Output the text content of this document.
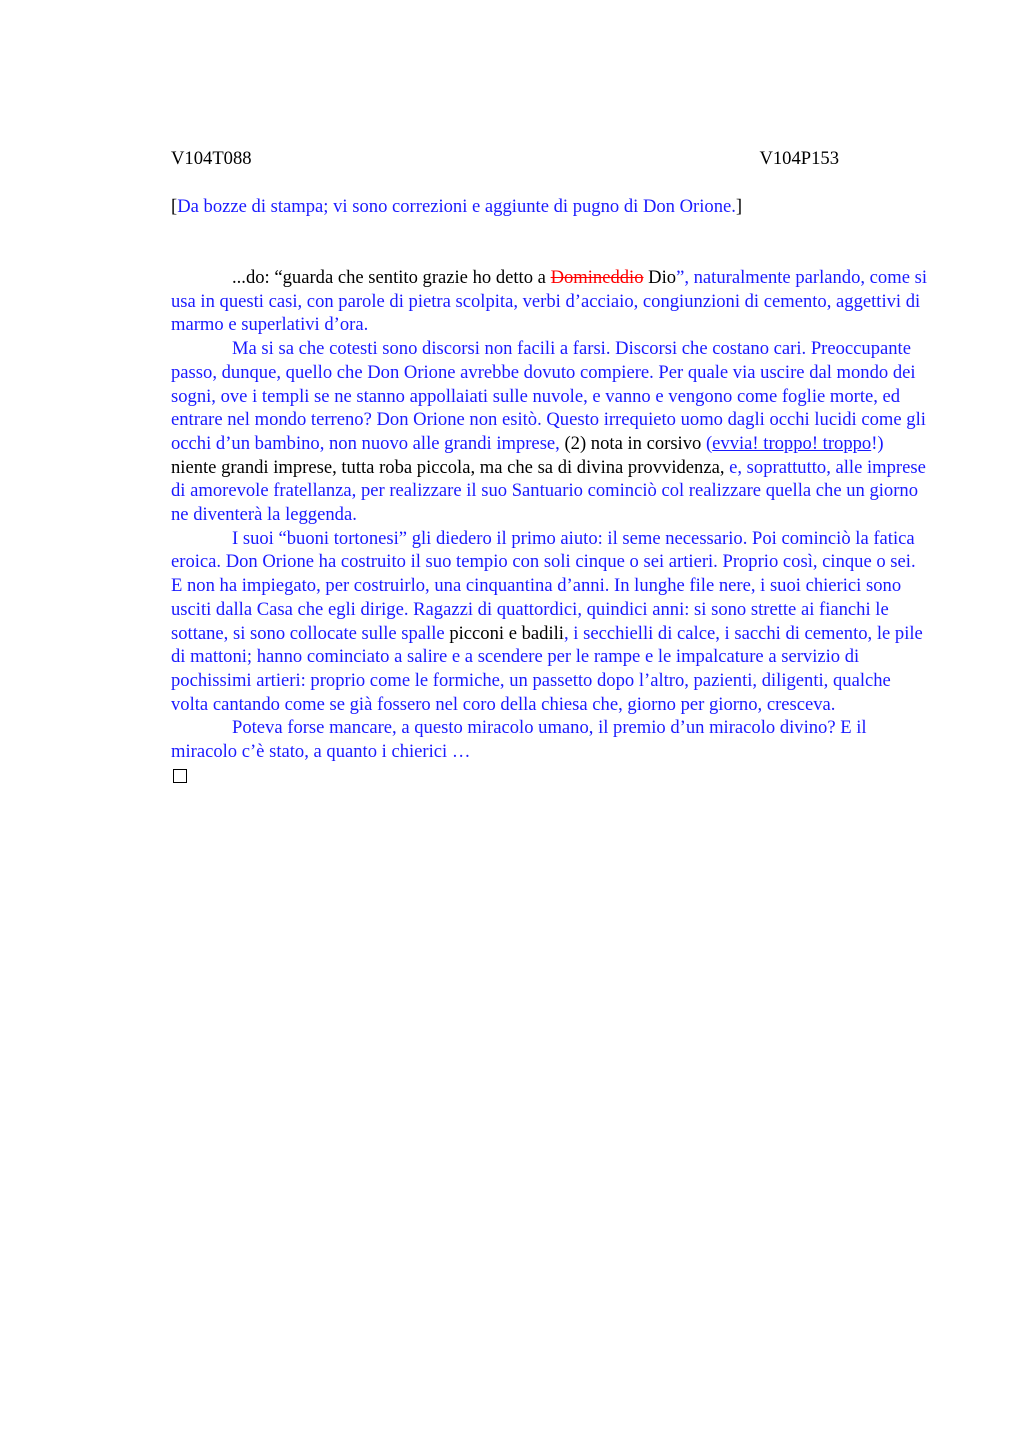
V104T088	V104P153
[Da bozze di stampa; vi sono correzioni e aggiunte di pugno di Don Orione.]

...do: “guarda che sentito grazie ho detto a Domineddio Dio”, naturalmente parlando, come si usa in questi casi, con parole di pietra scolpita, verbi d’acciaio, congiunzioni di cemento, aggettivi di marmo e superlativi d’ora.

Ma si sa che cotesti sono discorsi non facili a farsi. Discorsi che costano cari. Preoccupante passo, dunque, quello che Don Orione avrebbe dovuto compiere. Per quale via uscire dal mondo dei sogni, ove i templi se ne stanno appollaiati sulle nuvole, e vanno e vengono come foglie morte, ed entrare nel mondo terreno? Don Orione non esitò. Questo irrequieto uomo dagli occhi lucidi come gli occhi d’un bambino, non nuovo alle grandi imprese, (2) nota in corsivo (evvia! troppo! troppo!) niente grandi imprese, tutta roba piccola, ma che sa di divina provvidenza, e, soprattutto, alle imprese di amorevole fratellanza, per realizzare il suo Santuario cominciò col realizzare quella che un giorno ne diventerà la leggenda.

I suoi “buoni tortonesi” gli diedero il primo aiuto: il seme necessario. Poi cominciò la fatica eroica. Don Orione ha costruito il suo tempio con soli cinque o sei artieri. Proprio così, cinque o sei. E non ha impiegato, per costruirlo, una cinquantina d’anni. In lunghe file nere, i suoi chierici sono usciti dalla Casa che egli dirige. Ragazzi di quattordici, quindici anni: si sono strette ai fianchi le sottane, si sono collocate sulle spalle picconi e badili, i secchielli di calce, i sacchi di cemento, le pile di mattoni; hanno cominciato a salire e a scendere per le rampe e le impalcature a servizio di pochissimi artieri: proprio come le formiche, un passetto dopo l’altro, pazienti, diligenti, qualche volta cantando come se già fossero nel coro della chiesa che, giorno per giorno, cresceva.

Poteva forse mancare, a questo miracolo umano, il premio d’un miracolo divino? E il miracolo c’è stato, a quanto i chierici …
